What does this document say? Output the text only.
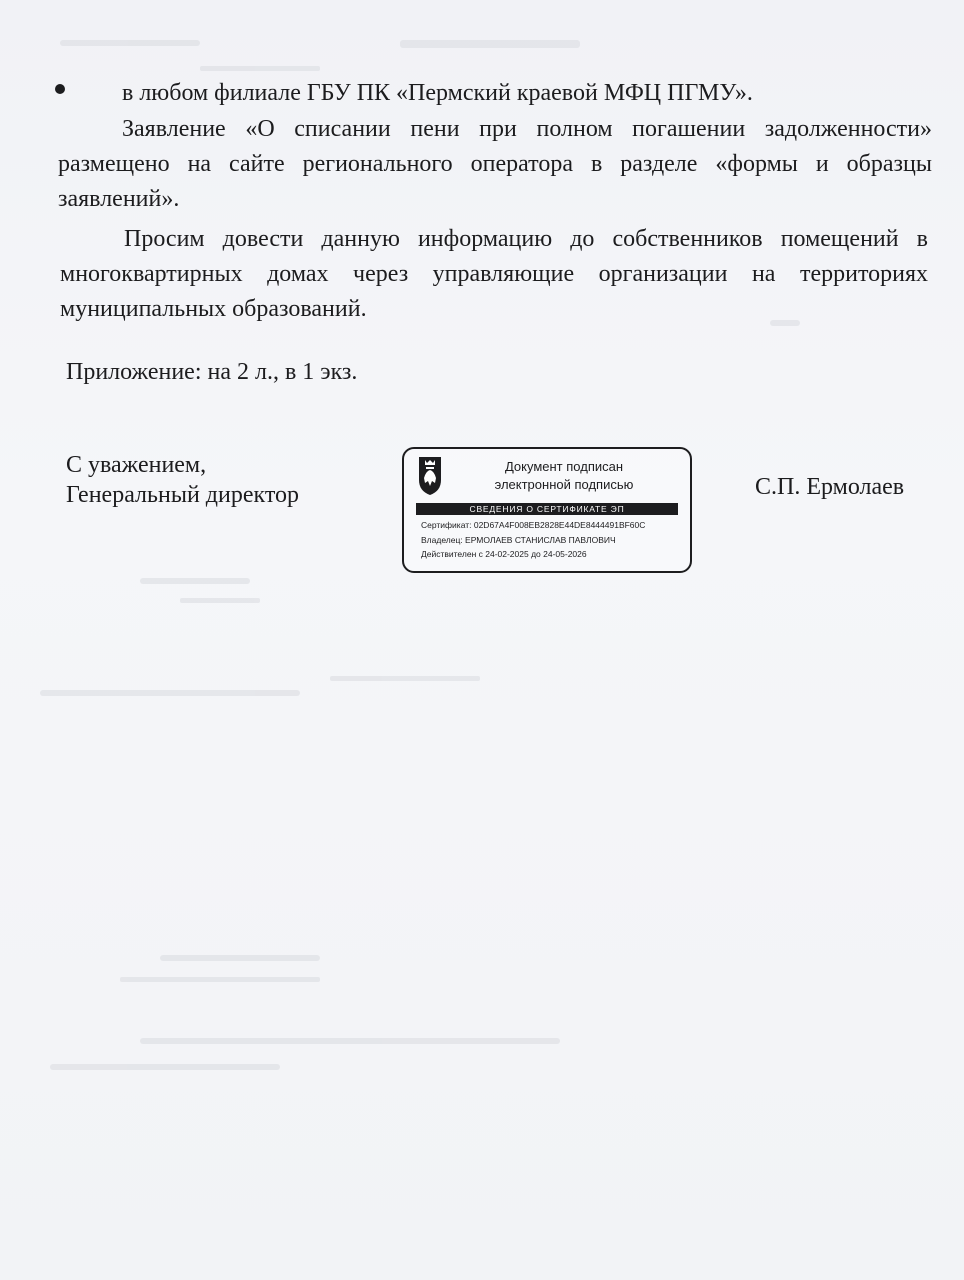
в любом филиале ГБУ ПК «Пермский краевой МФЦ ПГМУ».
Заявление «О списании пени при полном погашении задолженности» размещено на сайте регионального оператора в разделе «формы и образцы заявлений».
Просим довести данную информацию до собственников помещений в многоквартирных домах через управляющие организации на территориях муниципальных образований.
Приложение: на 2 л., в 1 экз.
С уважением,
Генеральный директор
Документ подписан
электронной подписью
СВЕДЕНИЯ О СЕРТИФИКАТЕ ЭП
Сертификат: 02D67A4F008EB2828E44DE8444491BF60C
Владелец: ЕРМОЛАЕВ СТАНИСЛАВ ПАВЛОВИЧ
Действителен с 24-02-2025 до 24-05-2026
С.П. Ермолаев
